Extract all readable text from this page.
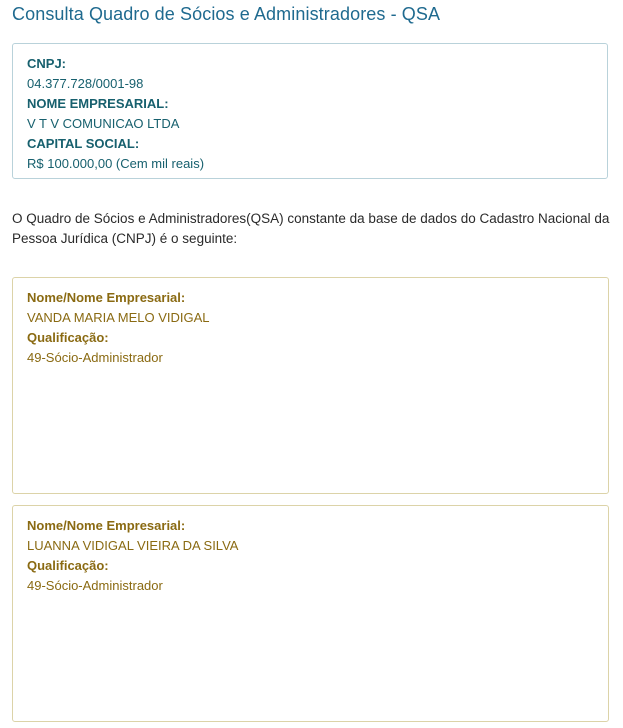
Consulta Quadro de Sócios e Administradores - QSA
CNPJ:
04.377.728/0001-98
NOME EMPRESARIAL:
V T V COMUNICAO LTDA
CAPITAL SOCIAL:
R$ 100.000,00 (Cem mil reais)
O Quadro de Sócios e Administradores(QSA) constante da base de dados do Cadastro Nacional da Pessoa Jurídica (CNPJ) é o seguinte:
Nome/Nome Empresarial:
VANDA MARIA MELO VIDIGAL
Qualificação:
49-Sócio-Administrador
Nome/Nome Empresarial:
LUANNA VIDIGAL VIEIRA DA SILVA
Qualificação:
49-Sócio-Administrador
